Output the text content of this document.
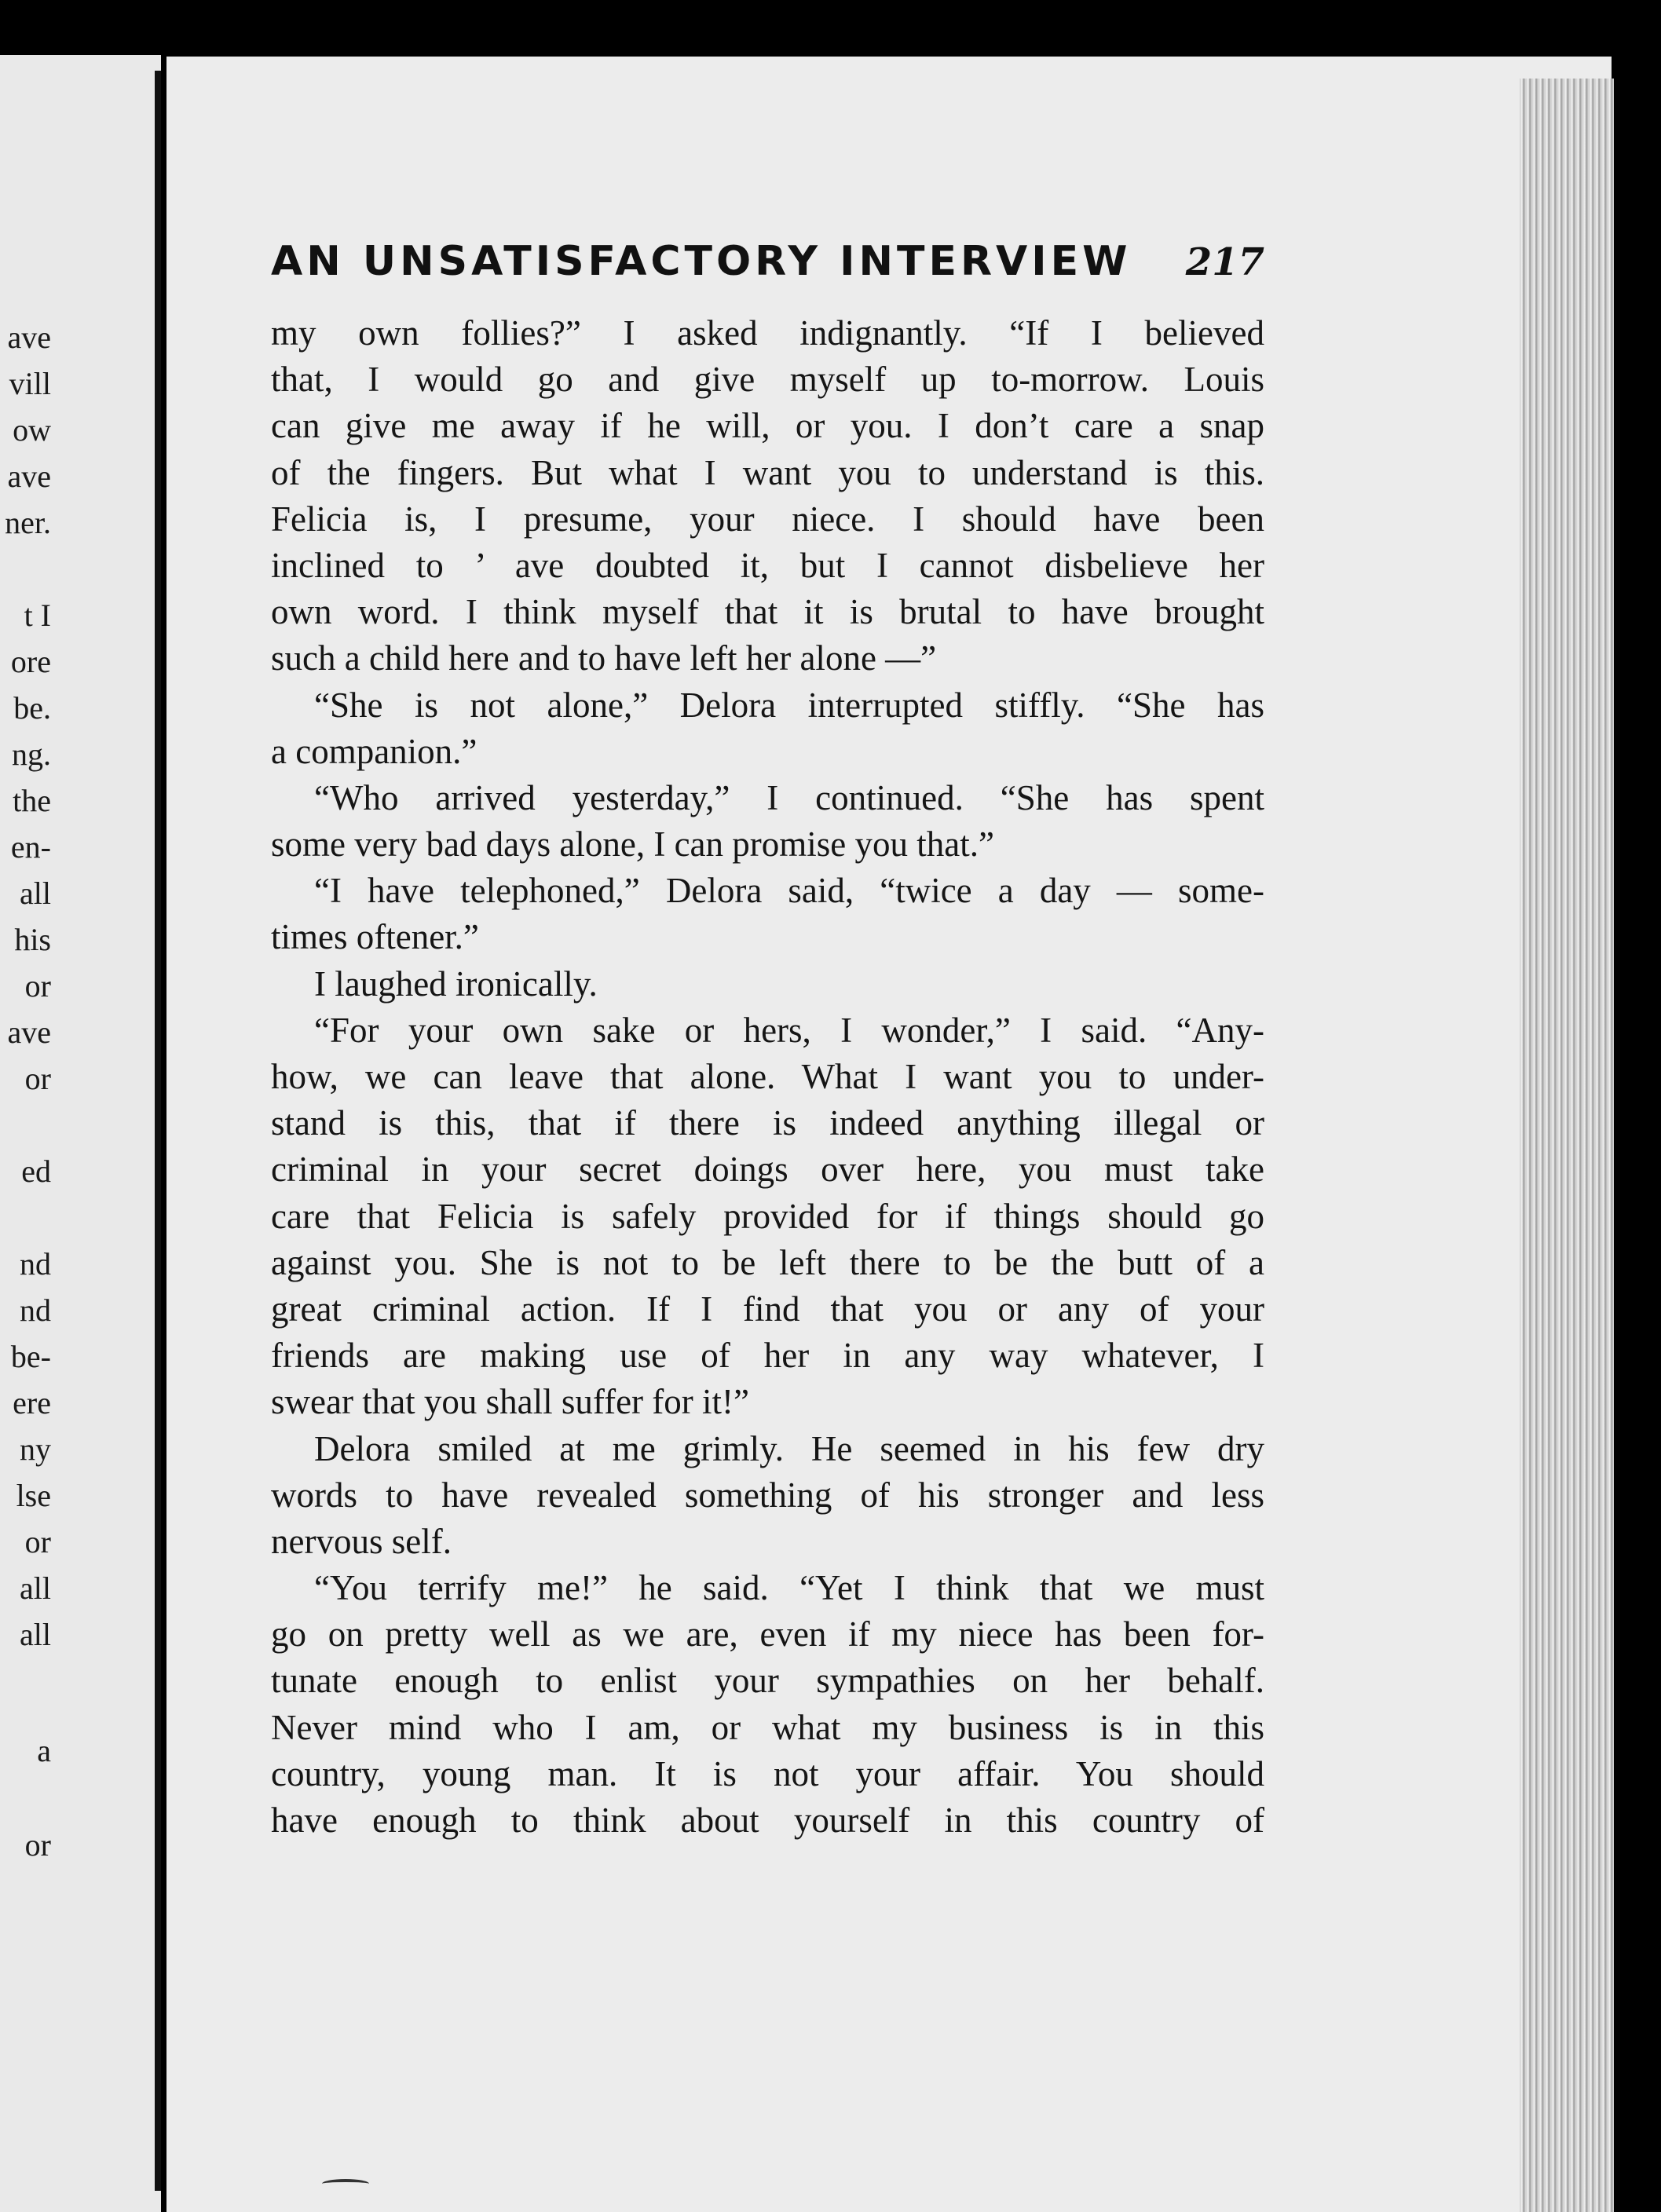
ave
vill
ow
ave
ner.
t I
ore
be.
ng.
the
en-
all
his
or
ave
or
ed
nd
nd
be-
ere
ny
lse
or
all
all
a
or
AN UNSATISFACTORY INTERVIEW 217
my own follies?” I asked indignantly. “If I believed
that, I would go and give myself up to-morrow. Louis
can give me away if he will, or you. I don’t care a snap
of the fingers. But what I want you to understand is this.
Felicia is, I presume, your niece. I should have been
inclined to ’ ave doubted it, but I cannot disbelieve her
own word. I think myself that it is brutal to have brought
such a child here and to have left her alone —”
“She is not alone,” Delora interrupted stiffly. “She has
a companion.”
“Who arrived yesterday,” I continued. “She has spent
some very bad days alone, I can promise you that.”
“I have telephoned,” Delora said, “twice a day — some-
times oftener.”
I laughed ironically.
“For your own sake or hers, I wonder,” I said. “Any-
how, we can leave that alone. What I want you to under-
stand is this, that if there is indeed anything illegal or
criminal in your secret doings over here, you must take
care that Felicia is safely provided for if things should go
against you. She is not to be left there to be the butt of a
great criminal action. If I find that you or any of your
friends are making use of her in any way whatever, I
swear that you shall suffer for it!”
Delora smiled at me grimly. He seemed in his few dry
words to have revealed something of his stronger and less
nervous self.
“You terrify me!” he said. “Yet I think that we must
go on pretty well as we are, even if my niece has been for-
tunate enough to enlist your sympathies on her behalf.
Never mind who I am, or what my business is in this
country, young man. It is not your affair. You should
have enough to think about yourself in this country of
